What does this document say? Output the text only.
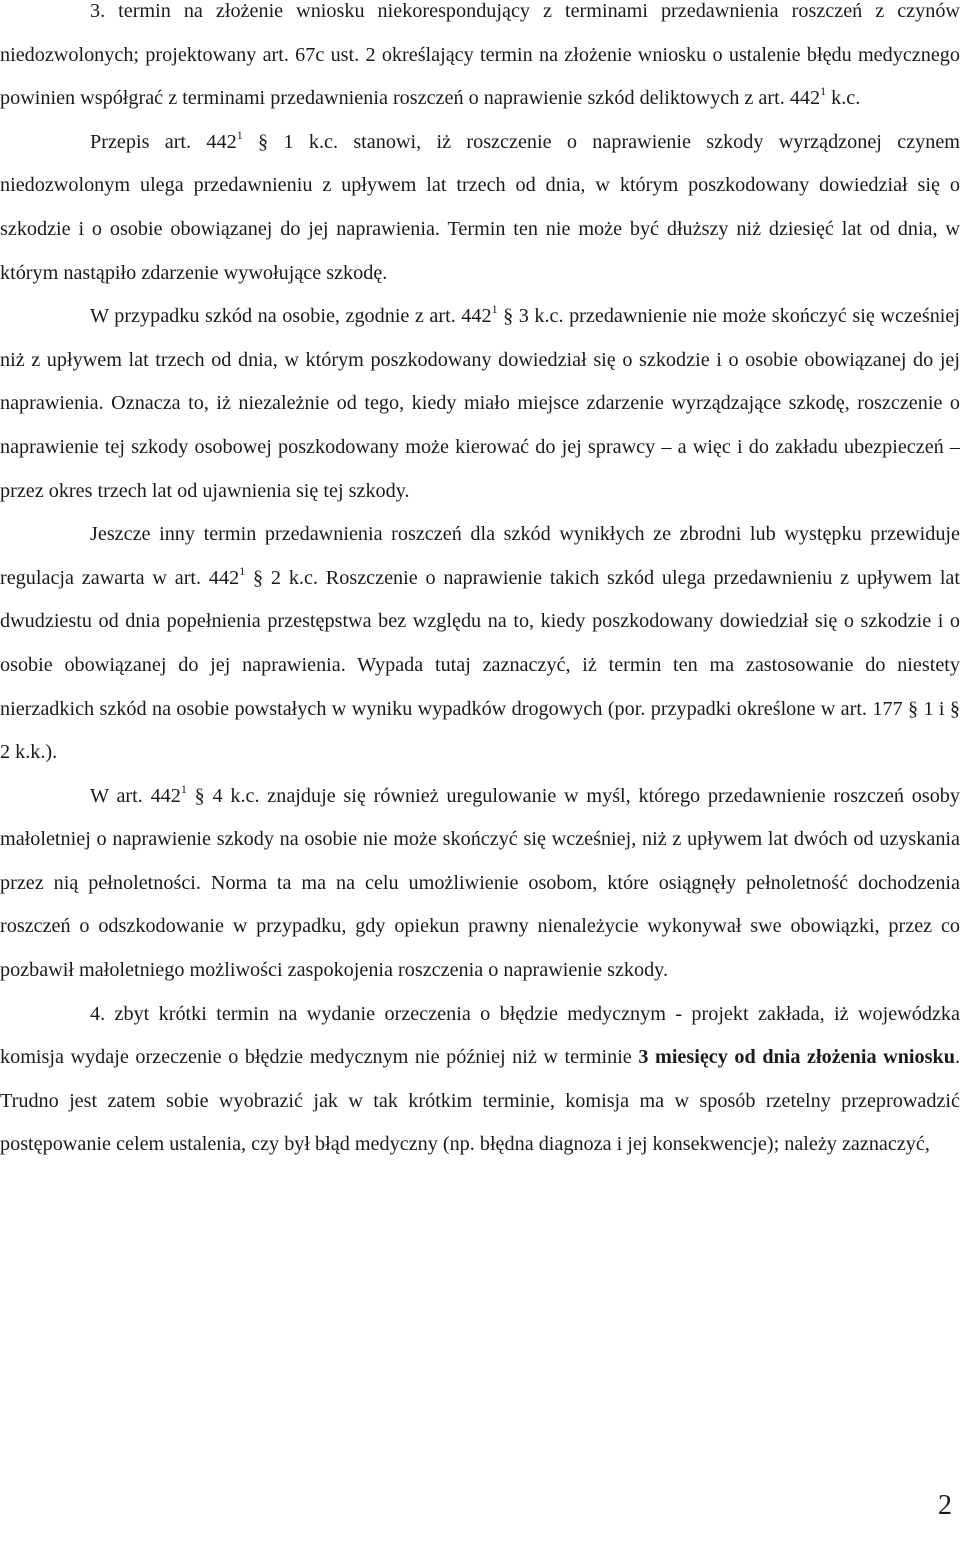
3. termin na złożenie wniosku niekorespondujący z terminami przedawnienia roszczeń z czynów niedozwolonych; projektowany art. 67c ust. 2 określający termin na złożenie wniosku o ustalenie błędu medycznego powinien współgrać z terminami przedawnienia roszczeń o naprawienie szkód deliktowych z art. $442^1$ k.c.

Przepis art. $442^1$ § 1 k.c. stanowi, iż roszczenie o naprawienie szkody wyrządzonej czynem niedozwolonym ulega przedawnieniu z upływem lat trzech od dnia, w którym poszkodowany dowiedział się o szkodzie i o osobie obowiązanej do jej naprawienia. Termin ten nie może być dłuższy niż dziesięć lat od dnia, w którym nastąpiło zdarzenie wywołujące szkodę.

W przypadku szkód na osobie, zgodnie z art. $442^1$ § 3 k.c. przedawnienie nie może skończyć się wcześniej niż z upływem lat trzech od dnia, w którym poszkodowany dowiedział się o szkodzie i o osobie obowiązanej do jej naprawienia. Oznacza to, iż niezależnie od tego, kiedy miało miejsce zdarzenie wyrządzające szkodę, roszczenie o naprawienie tej szkody osobowej poszkodowany może kierować do jej sprawcy – a więc i do zakładu ubezpieczeń – przez okres trzech lat od ujawnienia się tej szkody.

Jeszcze inny termin przedawnienia roszczeń dla szkód wynikłych ze zbrodni lub występku przewiduje regulacja zawarta w art. $442^1$ § 2 k.c. Roszczenie o naprawienie takich szkód ulega przedawnieniu z upływem lat dwudziestu od dnia popełnienia przestępstwa bez względu na to, kiedy poszkodowany dowiedział się o szkodzie i o osobie obowiązanej do jej naprawienia. Wypada tutaj zaznaczyć, iż termin ten ma zastosowanie do niestety nierzadkich szkód na osobie powstałych w wyniku wypadków drogowych (por. przypadki określone w art. 177 § 1 i § 2 k.k.).

W art. $442^1$ § 4 k.c. znajduje się również uregulowanie w myśl, którego przedawnienie roszczeń osoby małoletniej o naprawienie szkody na osobie nie może skończyć się wcześniej, niż z upływem lat dwóch od uzyskania przez nią pełnoletności. Norma ta ma na celu umożliwienie osobom, które osiągnęły pełnoletność dochodzenia roszczeń o odszkodowanie w przypadku, gdy opiekun prawny nienależycie wykonywał swe obowiązki, przez co pozbawił małoletniego możliwości zaspokojenia roszczenia o naprawienie szkody.

4. zbyt krótki termin na wydanie orzeczenia o błędzie medycznym - projekt zakłada, iż wojewódzka komisja wydaje orzeczenie o błędzie medycznym nie później niż w terminie 3 miesięcy od dnia złożenia wniosku. Trudno jest zatem sobie wyobrazić jak w tak krótkim terminie, komisja ma w sposób rzetelny przeprowadzić postępowanie celem ustalenia, czy był błąd medyczny (np. błędna diagnoza i jej konsekwencje); należy zaznaczyć,

2
